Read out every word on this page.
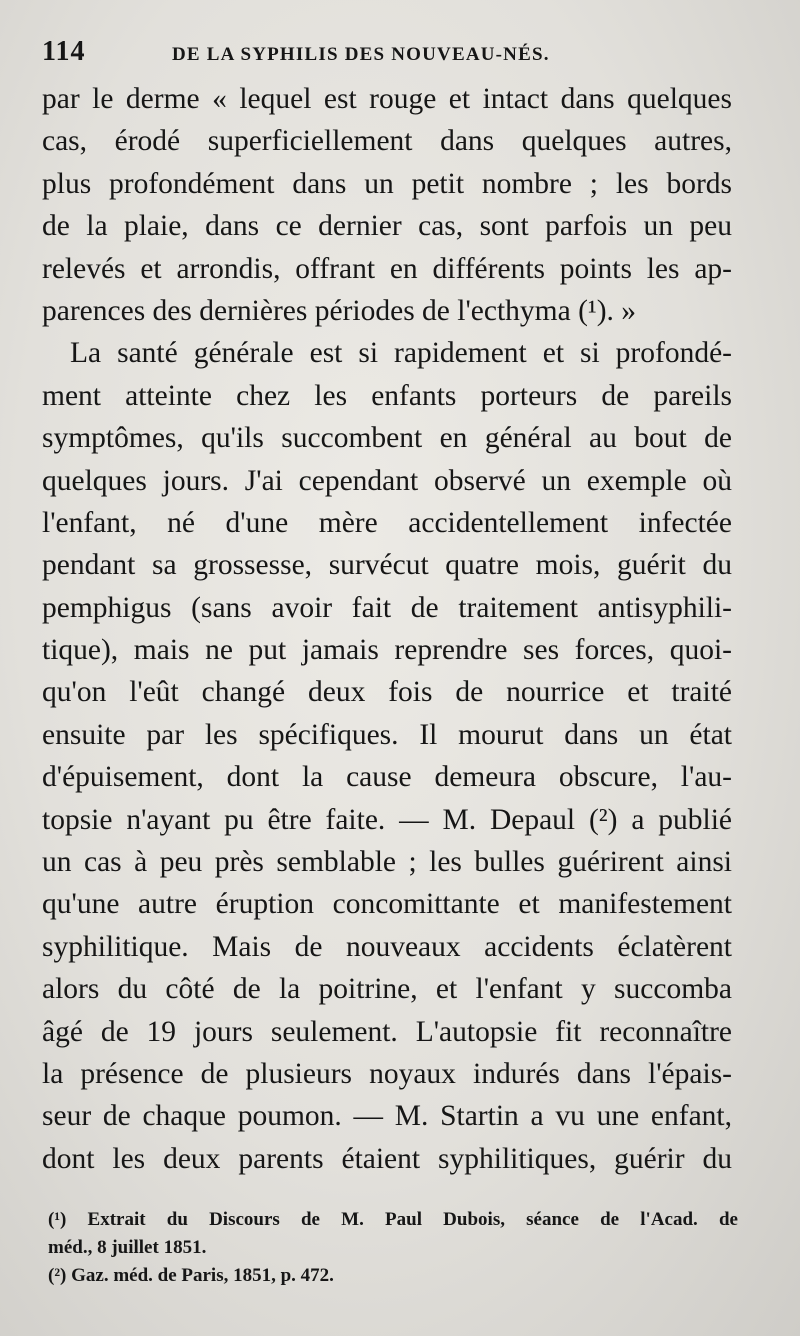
114	DE LA SYPHILIS DES NOUVEAU-NÉS.
par le derme « lequel est rouge et intact dans quelques
cas, érodé superficiellement dans quelques autres,
plus profondément dans un petit nombre ; les bords
de la plaie, dans ce dernier cas, sont parfois un peu
relevés et arrondis, offrant en différents points les ap-
parences des dernières périodes de l'ecthyma (¹). »
La santé générale est si rapidement et si profondé-
ment atteinte chez les enfants porteurs de pareils
symptômes, qu'ils succombent en général au bout de
quelques jours. J'ai cependant observé un exemple où
l'enfant, né d'une mère accidentellement infectée
pendant sa grossesse, survécut quatre mois, guérit du
pemphigus (sans avoir fait de traitement antisyphili-
tique), mais ne put jamais reprendre ses forces, quoi-
qu'on l'eût changé deux fois de nourrice et traité
ensuite par les spécifiques. Il mourut dans un état
d'épuisement, dont la cause demeura obscure, l'au-
topsie n'ayant pu être faite. — M. Depaul (²) a publié
un cas à peu près semblable ; les bulles guérirent ainsi
qu'une autre éruption concomittante et manifestement
syphilitique. Mais de nouveaux accidents éclatèrent
alors du côté de la poitrine, et l'enfant y succomba
âgé de 19 jours seulement. L'autopsie fit reconnaître
la présence de plusieurs noyaux indurés dans l'épais-
seur de chaque poumon. — M. Startin a vu une enfant,
dont les deux parents étaient syphilitiques, guérir du
(¹) Extrait du Discours de M. Paul Dubois, séance de l'Acad. de
méd., 8 juillet 1851.
(²) Gaz. méd. de Paris, 1851, p. 472.
